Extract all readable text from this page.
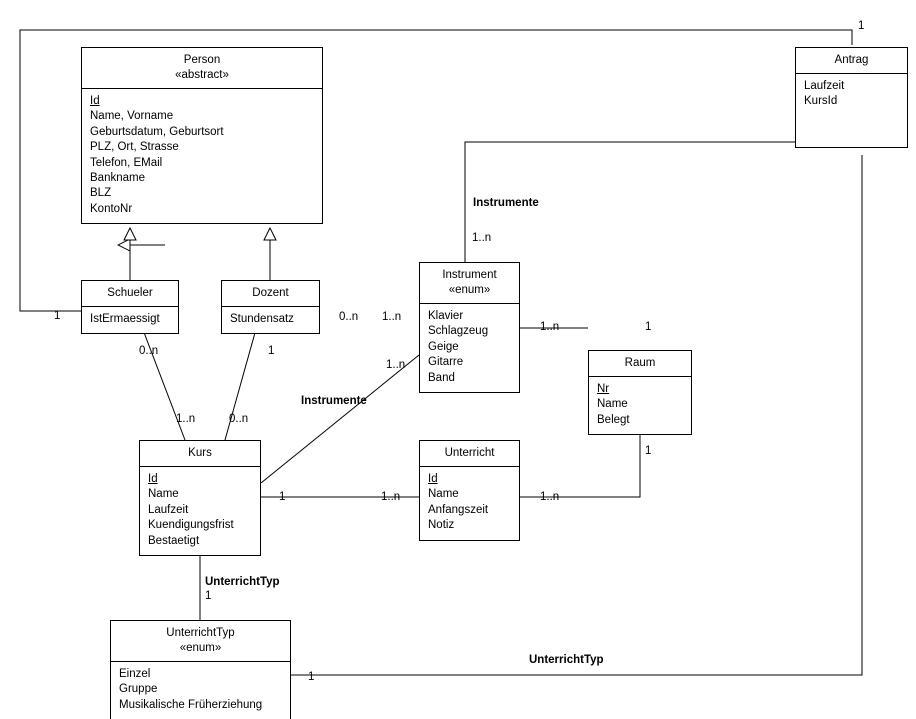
Person
«abstract»
Id
Name, Vorname
Geburtsdatum, Geburtsort
PLZ, Ort, Strasse
Telefon, EMail
Bankname
BLZ
KontoNr
Antrag
Laufzeit
KursId
Schueler
IstErmaessigt
Dozent
Stundensatz
Instrument
«enum»
Klavier
Schlagzeug
Geige
Gitarre
Band
Raum
Nr
Name
Belegt
Kurs
Id
Name
Laufzeit
Kuendigungsfrist
Bestaetigt
Unterricht
Id
Name
Anfangszeit
Notiz
UnterrichtTyp
«enum»
Einzel
Gruppe
Musikalische Früherziehung
Instrumente
Instrumente
UnterrichtTyp
UnterrichtTyp
1
1
1..n
0..n 1..n
1..n	1
0..n	1
1..n	0..n
1..n
1	1..n	1..n
1
1
1
